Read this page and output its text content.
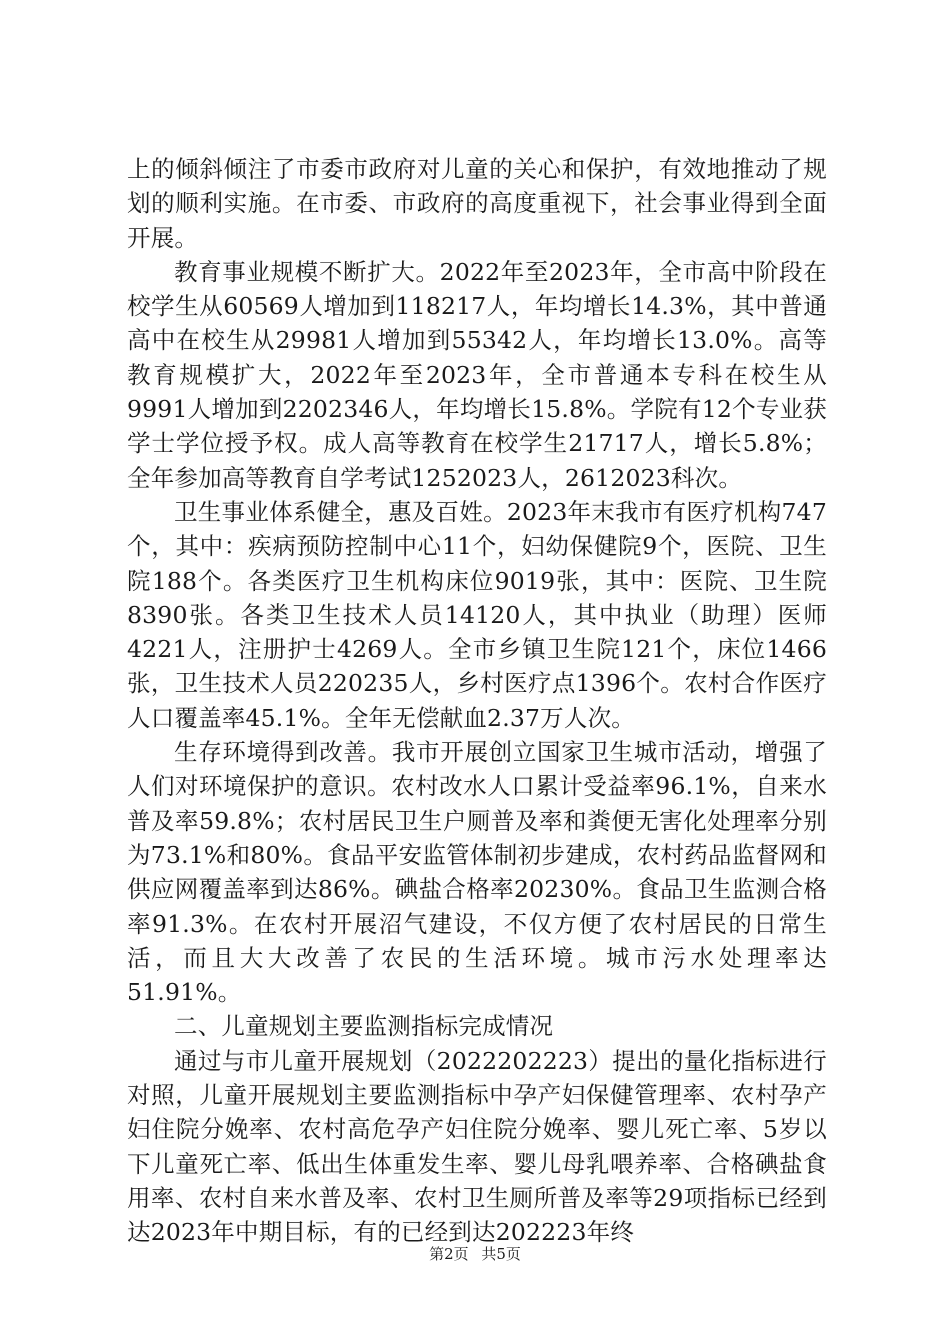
上的倾斜倾注了市委市政府对儿童的关心和保护，有效地推动了规划的顺利实施。在市委、市政府的高度重视下，社会事业得到全面开展。

教育事业规模不断扩大。2022年至2023年，全市高中阶段在校学生从60569人增加到118217人，年均增长14.3%，其中普通高中在校生从29981人增加到55342人，年均增长13.0%。高等教育规模扩大，2022年至2023年，全市普通本专科在校生从9991人增加到2202346人，年均增长15.8%。学院有12个专业获学士学位授予权。成人高等教育在校学生21717人，增长5.8%；全年参加高等教育自学考试1252023人，2612023科次。

卫生事业体系健全，惠及百姓。2023年末我市有医疗机构747个，其中：疾病预防控制中心11个，妇幼保健院9个，医院、卫生院188个。各类医疗卫生机构床位9019张，其中：医院、卫生院8390张。各类卫生技术人员14120人，其中执业（助理）医师4221人，注册护士4269人。全市乡镇卫生院121个，床位1466张，卫生技术人员220235人，乡村医疗点1396个。农村合作医疗人口覆盖率45.1%。全年无偿献血2.37万人次。

生存环境得到改善。我市开展创立国家卫生城市活动，增强了人们对环境保护的意识。农村改水人口累计受益率96.1%，自来水普及率59.8%；农村居民卫生户厕普及率和粪便无害化处理率分别为73.1%和80%。食品平安监管体制初步建成，农村药品监督网和供应网覆盖率到达86%。碘盐合格率20230%。食品卫生监测合格率91.3%。在农村开展沼气建设，不仅方便了农村居民的日常生活，而且大大改善了农民的生活环境。城市污水处理率达51.91%。

二、儿童规划主要监测指标完成情况

通过与市儿童开展规划（2022202223）提出的量化指标进行对照，儿童开展规划主要监测指标中孕产妇保健管理率、农村孕产妇住院分娩率、农村高危孕产妇住院分娩率、婴儿死亡率、5岁以下儿童死亡率、低出生体重发生率、婴儿母乳喂养率、合格碘盐食用率、农村自来水普及率、农村卫生厕所普及率等29项指标已经到达2023年中期目标，有的已经到达202223年终

第2页 共5页
